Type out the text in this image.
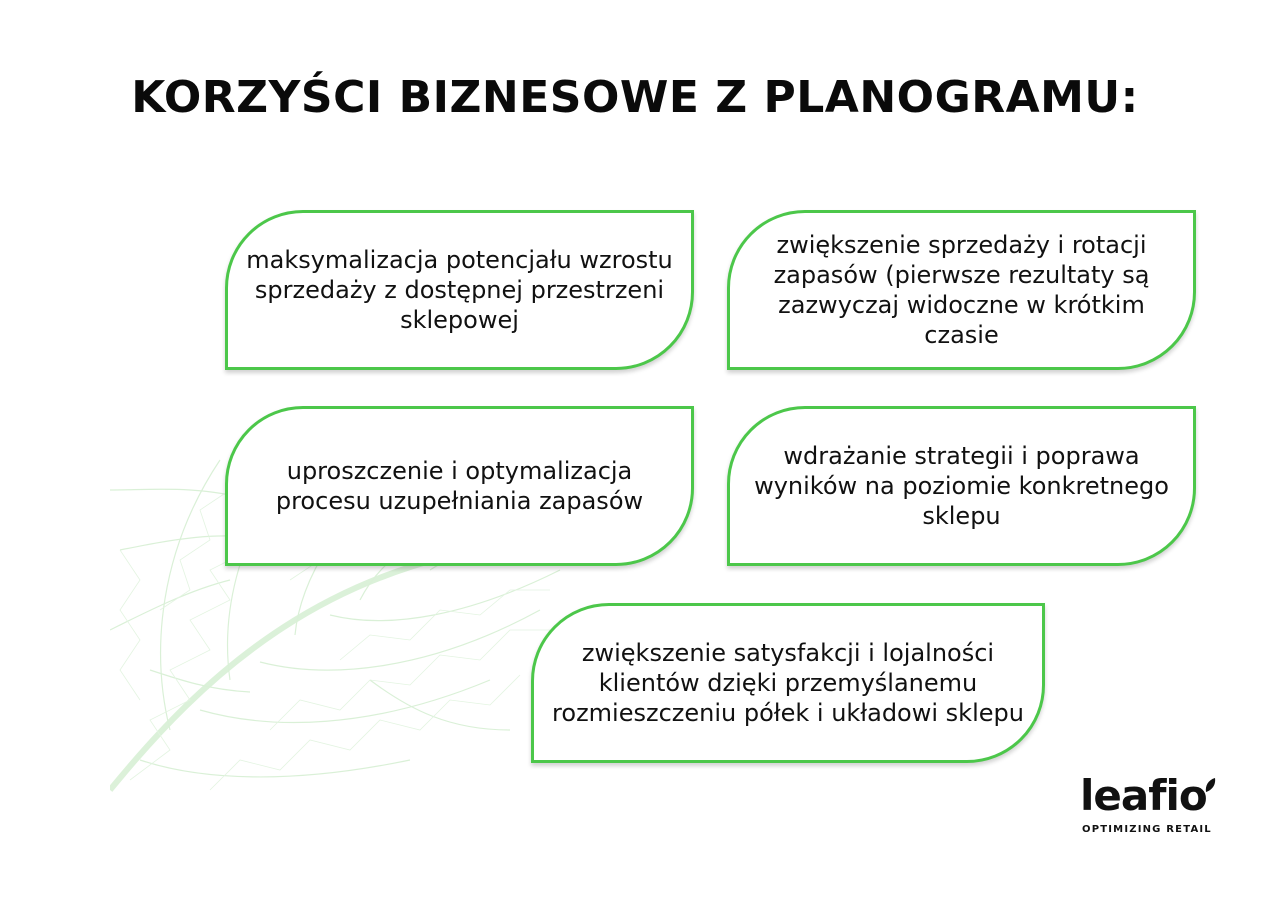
KORZYŚCI BIZNESOWE Z PLANOGRAMU:
maksymalizacja potencjału wzrostu sprzedaży z dostępnej przestrzeni sklepowej
zwiększenie sprzedaży i rotacji zapasów (pierwsze rezultaty są zazwyczaj widoczne w krótkim czasie
uproszczenie i optymalizacja procesu uzupełniania zapasów
wdrażanie strategii i poprawa wyników na poziomie konkretnego sklepu
zwiększenie satysfakcji i lojalności klientów dzięki przemyślanemu rozmieszczeniu półek i układowi sklepu
leafio
OPTIMIZING RETAIL
